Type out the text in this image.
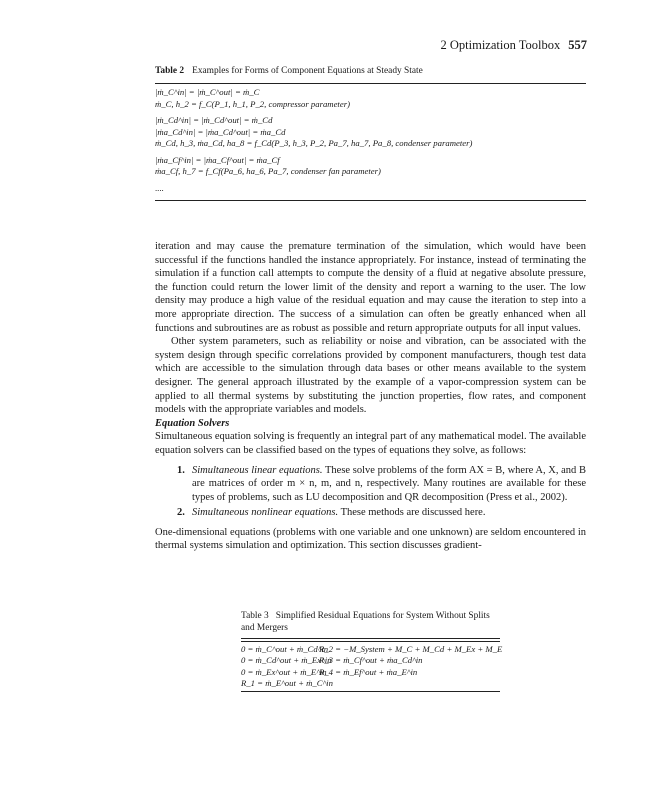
2 Optimization Toolbox 557
Table 2 Examples for Forms of Component Equations at Steady State
|ṁ_C^in| = |ṁ_C^out| = ṁ_C
ṁ_C, h_2 = f_C(P_1, h_1, P_2, compressor parameter)
|ṁ_Cd^in| = |ṁ_Cd^out| = ṁ_Cd
|ṁa_Cd^in| = |ṁa_Cd^out| = ṁa_Cd
ṁ_Cd, h_3, ṁa_Cd, ha_8 = f_Cd(P_3, h_3, P_2, Pa_7, ha_7, Pa_8, condenser parameter)
|ṁa_Cf^in| = |ṁa_Cf^out| = ṁa_Cf
ṁa_Cf, h_7 = f_Cf(Pa_6, ha_6, Pa_7, condenser fan parameter)
....

iteration and may cause the premature termination of the simulation, which would have been successful if the functions handled the instance appropriately. For instance, instead of terminating the simulation if a function call attempts to compute the density of a fluid at negative absolute pressure, the function could return the lower limit of the density and report a warning to the user. The low density may produce a high value of the residual equation and may cause the iteration to step into a more appropriate direction. The success of a simulation can often be greatly enhanced when all functions and subroutines are as robust as possible and return appropriate outputs for all input values.

Other system parameters, such as reliability or noise and vibration, can be associated with the system design through specific correlations provided by component manufacturers, though test data which are accessible to the simulation through data bases or other means available to the system designer. The general approach illustrated by the example of a vapor-compression system can be applied to all thermal systems by substituting the junction properties, flow rates, and component models with the appropriate variables and models.

Equation Solvers

Simultaneous equation solving is frequently an integral part of any mathematical model. The available equation solvers can be classified based on the types of equations they solve, as follows:

1. Simultaneous linear equations. These solve problems of the form AX = B, where A, X, and B are matrices of order m × n, m, and n, respectively. Many routines are available for these types of problems, such as LU decomposition and QR decomposition (Press et al., 2002).
2. Simultaneous nonlinear equations. These methods are discussed here.

One-dimensional equations (problems with one variable and one unknown) are seldom encountered in thermal systems simulation and optimization. This section discusses gradient-

Table 3 Simplified Residual Equations for System Without Splits and Mergers
0 = ṁ_C^out + ṁ_Cd^in
R_2 = −M_System + M_C + M_Cd + M_Ex + M_E
0 = ṁ_Cd^out + ṁ_Ex^in
R_3 = ṁ_Cf^out + ṁa_Cd^in
0 = ṁ_Ex^out + ṁ_E^in
R_4 = ṁ_Ef^out + ṁa_E^in
R_1 = ṁ_E^out + ṁ_C^in
